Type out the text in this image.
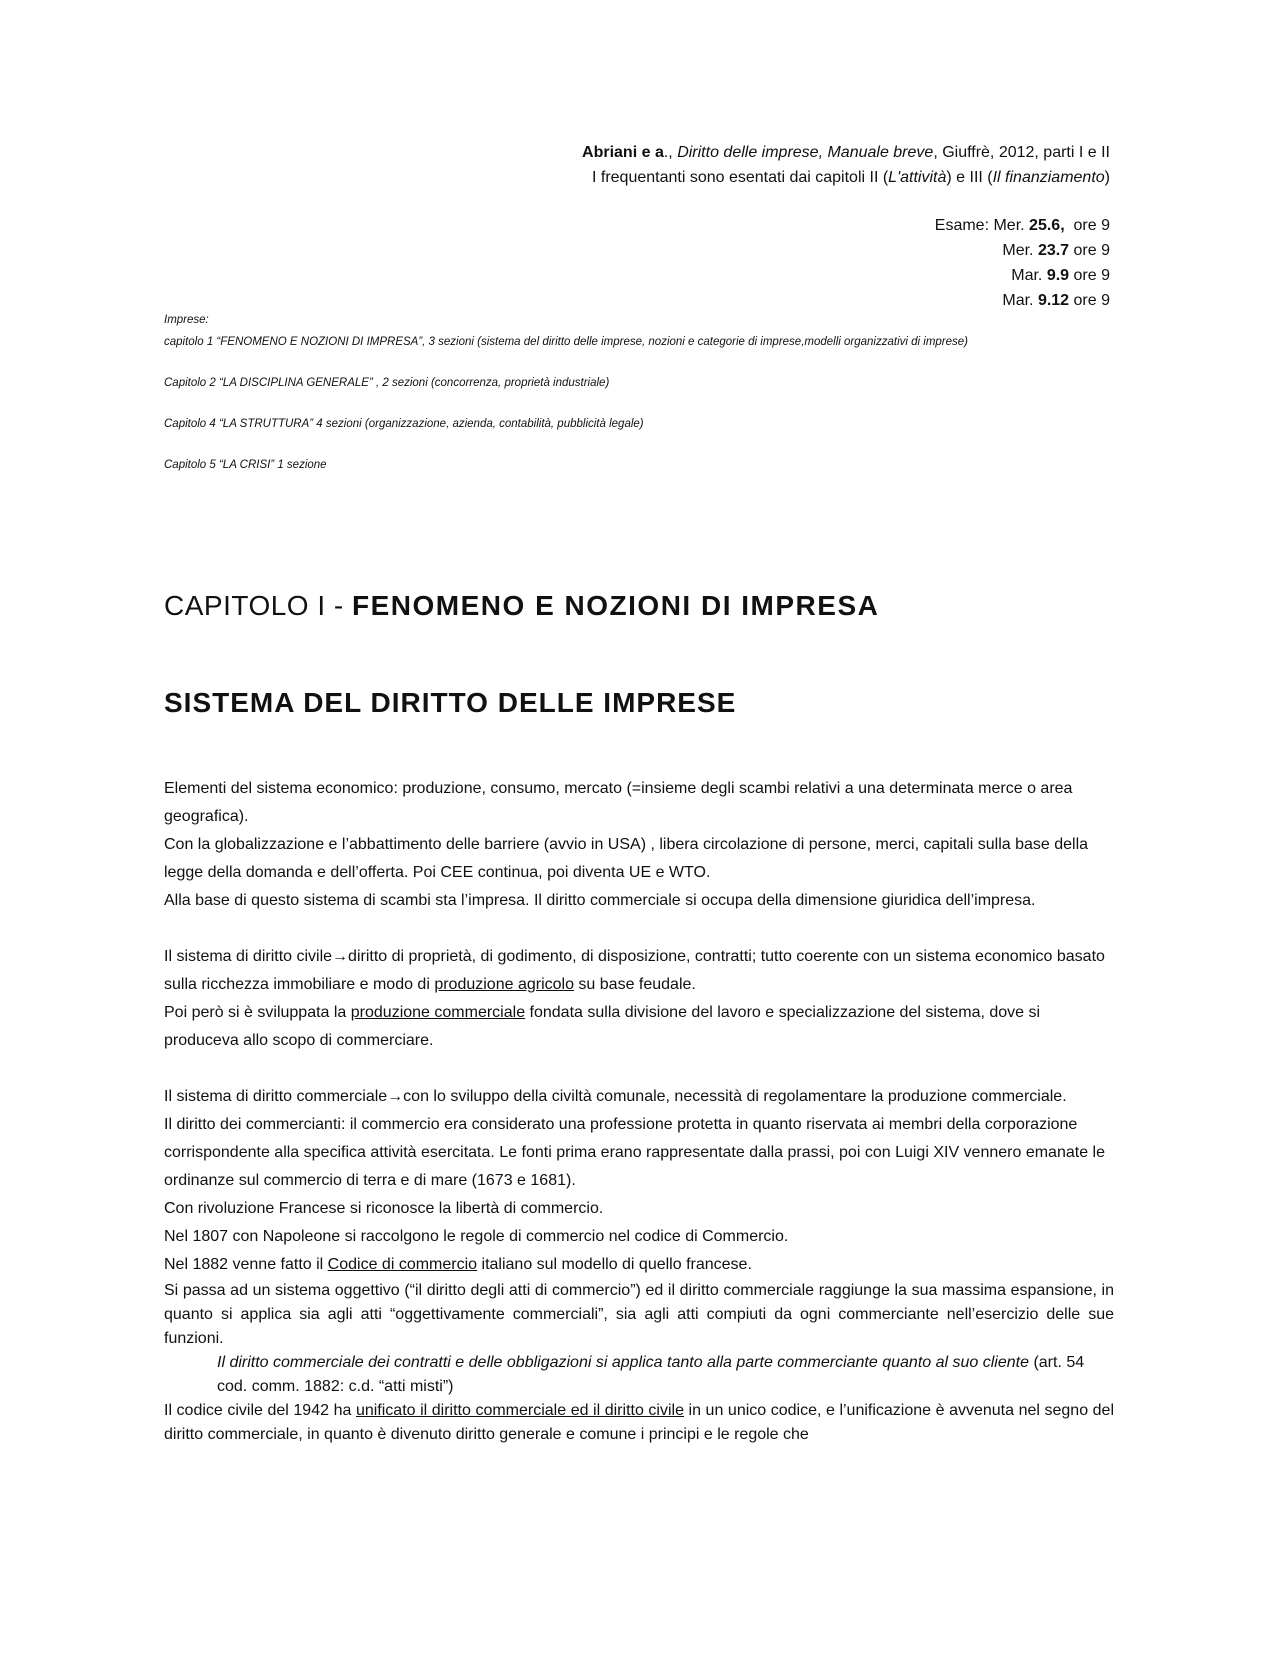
Abriani e a., Diritto delle imprese, Manuale breve, Giuffrè, 2012, parti I e II
I frequentanti sono esentati dai capitoli II (L'attività) e III (Il finanziamento)
Esame: Mer. 25.6, ore 9
Mer. 23.7 ore 9
Mar. 9.9 ore 9
Mar. 9.12 ore 9

Imprese:

capitolo 1 “FENOMENO E NOZIONI DI IMPRESA”, 3 sezioni (sistema del diritto delle imprese, nozioni e categorie di imprese,modelli organizzativi di imprese)

Capitolo 2 “LA DISCIPLINA GENERALE” , 2 sezioni (concorrenza, proprietà industriale)

Capitolo 4 “LA STRUTTURA” 4 sezioni (organizzazione, azienda, contabilità, pubblicità legale)

Capitolo 5 “LA CRISI” 1 sezione

CAPITOLO I - FENOMENO E NOZIONI DI IMPRESA
SISTEMA DEL DIRITTO DELLE IMPRESE

Elementi del sistema economico: produzione, consumo, mercato (=insieme degli scambi relativi a una determinata merce o area geografica).

Con la globalizzazione e l’abbattimento delle barriere (avvio in USA) , libera circolazione di persone, merci, capitali sulla base della legge della domanda e dell’offerta. Poi CEE continua, poi diventa UE e WTO.

Alla base di questo sistema di scambi sta l’impresa. Il diritto commerciale si occupa della dimensione giuridica dell’impresa.

Il sistema di diritto civile→diritto di proprietà, di godimento, di disposizione, contratti; tutto coerente con un sistema economico basato sulla ricchezza immobiliare e modo di produzione agricolo su base feudale.

Poi però si è sviluppata la produzione commerciale fondata sulla divisione del lavoro e specializzazione del sistema, dove si produceva allo scopo di commerciare.

Il sistema di diritto commerciale→con lo sviluppo della civiltà comunale, necessità di regolamentare la produzione commerciale.

Il diritto dei commercianti: il commercio era considerato una professione protetta in quanto riservata ai membri della corporazione corrispondente alla specifica attività esercitata. Le fonti prima erano rappresentate dalla prassi, poi con Luigi XIV vennero emanate le ordinanze sul commercio di terra e di mare (1673 e 1681).

Con rivoluzione Francese si riconosce la libertà di commercio.

Nel 1807 con Napoleone si raccolgono le regole di commercio nel codice di Commercio.

Nel 1882 venne fatto il Codice di commercio italiano sul modello di quello francese.

Si passa ad un sistema oggettivo (“il diritto degli atti di commercio”) ed il diritto commerciale raggiunge la sua massima espansione, in quanto si applica sia agli atti “oggettivamente commerciali”, sia agli atti compiuti da ogni commerciante nell’esercizio delle sue funzioni.

Il diritto commerciale dei contratti e delle obbligazioni si applica tanto alla parte commerciante quanto al suo cliente (art. 54 cod. comm. 1882: c.d. “atti misti”)

Il codice civile del 1942 ha unificato il diritto commerciale ed il diritto civile in un unico codice, e l’unificazione è avvenuta nel segno del diritto commerciale, in quanto è divenuto diritto generale e comune i principi e le regole che
